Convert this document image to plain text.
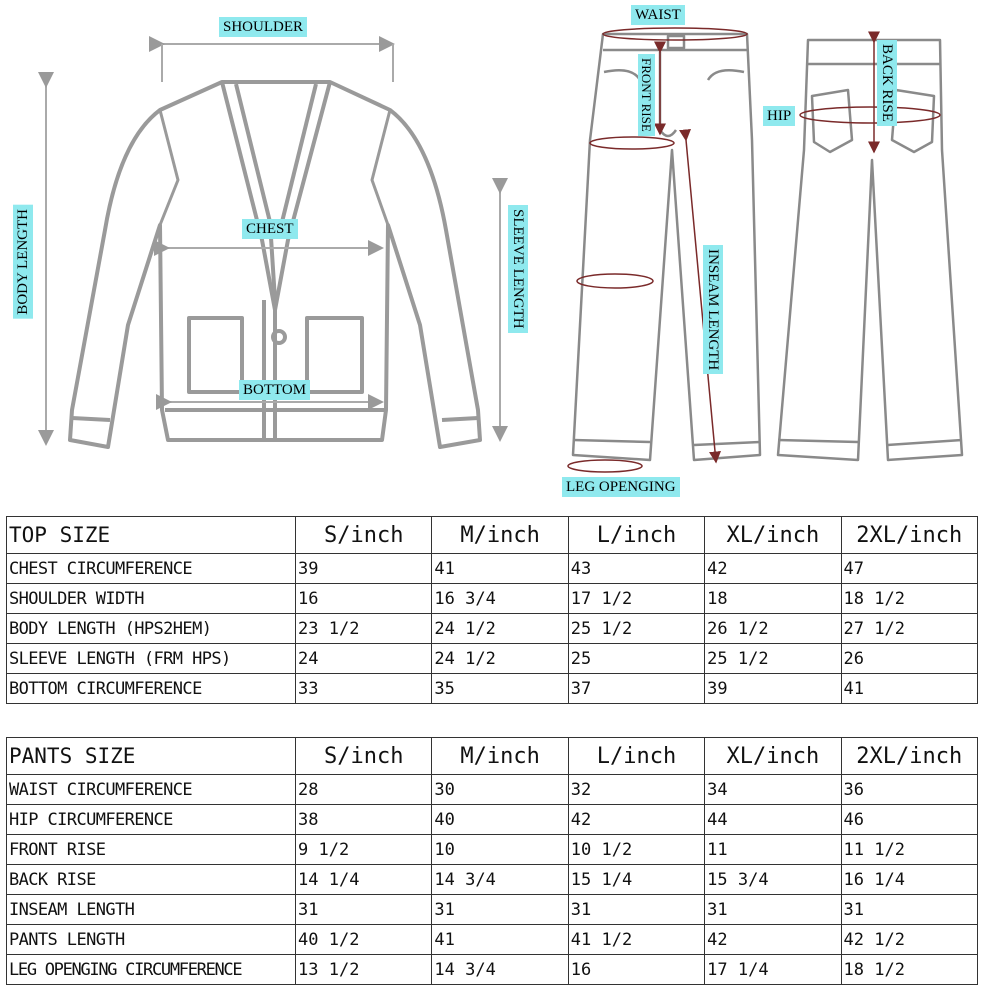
SHOULDER
CHEST
BODY LENGTH	SLEEVE LENGTH
BOTTOM
WAIST
FRONT RISE	BACK RISE
HIP
INSEAM LENGTH
LEG OPENGING
TOP SIZE	S/inch	M/inch	L/inch	XL/inch	2XL/inch
CHEST CIRCUMFERENCE	39	41	43	42	47
SHOULDER WIDTH	16	16 3/4	17 1/2	18	18 1/2
BODY LENGTH (HPS2HEM)	23 1/2	24 1/2	25 1/2	26 1/2	27 1/2
SLEEVE LENGTH (FRM HPS)	24	24 1/2	25	25 1/2	26
BOTTOM CIRCUMFERENCE	33	35	37	39	41
PANTS SIZE	S/inch	M/inch	L/inch	XL/inch	2XL/inch
WAIST CIRCUMFERENCE	28	30	32	34	36
HIP CIRCUMFERENCE	38	40	42	44	46
FRONT RISE	9 1/2	10	10 1/2	11	11 1/2
BACK RISE	14 1/4	14 3/4	15 1/4	15 3/4	16 1/4
INSEAM LENGTH	31	31	31	31	31
PANTS LENGTH	40 1/2	41	41 1/2	42	42 1/2
LEG OPENGING CIRCUMFERENCE	13 1/2	14 3/4	16	17 1/4	18 1/2
